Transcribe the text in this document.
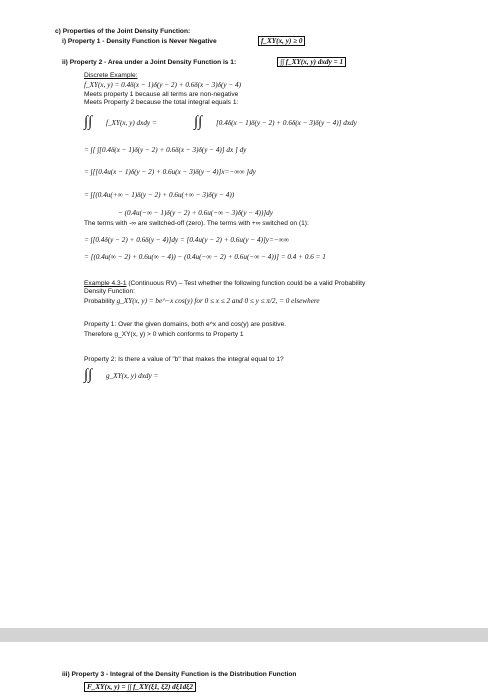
c) Properties of the Joint Density Function:
i) Property 1 - Density Function is Never Negative	f_XY(x, y) ≥ 0
ii) Property 2 - Area under a Joint Density Function is 1:	∫∫ f_XY(x, y) dxdy = 1
Discrete Example:
f_XY(x, y) = 0.4δ(x − 1)δ(y − 2) + 0.6δ(x − 3)δ(y − 4)
Meets property 1 because all terms are non-negative
Meets Property 2 because the total integral equals 1:
∫∫ f_XY(x, y) dxdy = ∫∫ [0.4δ(x − 1)δ(y − 2) + 0.6δ(x − 3)δ(y − 4)] dxdy
= ∫[ ∫[0.4δ(x − 1)δ(y − 2) + 0.6δ(x − 3)δ(y − 4)] dx ] dy
= ∫[[0.4u(x − 1)δ(y − 2) + 0.6u(x − 3)δ(y − 4)]x=−∞∞ ]dy
= ∫[(0.4u(+∞ − 1)δ(y − 2) + 0.6u(+∞ − 3)δ(y − 4))
− (0.4u(−∞ − 1)δ(y − 2) + 0.6u(−∞ − 3)δ(y − 4))]dy
The terms with -∞ are switched-off (zero). The terms with +∞ switched on (1):
= ∫[0.4δ(y − 2) + 0.6δ(y − 4)]dy = [0.4u(y − 2) + 0.6u(y − 4)]y=−∞∞
= [(0.4u(∞ − 2) + 0.6u(∞ − 4)) − (0.4u(−∞ − 2) + 0.6u(−∞ − 4))] = 0.4 + 0.6 = 1
Example 4.3-1 (Continuous RV) – Test whether the following function could be a valid Probability
Density Function:
Probability g_XY(x, y) = be^−x cos(y) for 0 ≤ x ≤ 2 and 0 ≤ y ≤ π/2, = 0 elsewhere
Property 1: Over the given domains, both e^x and cos(y) are positive.
Therefore g_XY(x, y) > 0 which conforms to Property 1
Property 2: Is there a value of "b" that makes the integral equal to 1?
∫∫ g_XY(x, y) dxdy =
iii) Property 3 - Integral of the Density Function is the Distribution Function
F_XY(x, y) = ∫∫ f_XY(ξ1, ξ2) dξ1dξ2
